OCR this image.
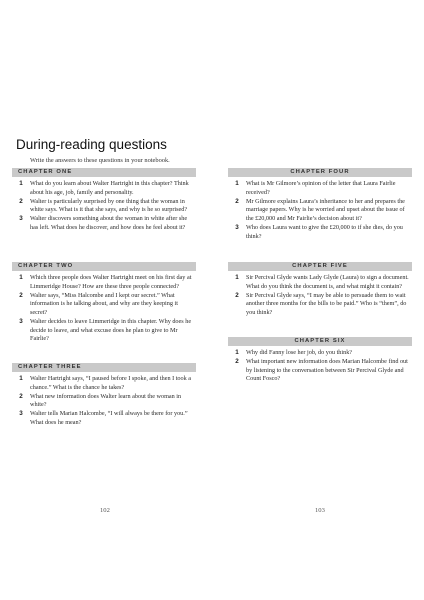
During-reading questions
Write the answers to these questions in your notebook.
CHAPTER ONE
1	What do you learn about Walter Hartright in this chapter? Think about his age, job, family and personality.
2	Walter is particularly surprised by one thing that the woman in white says. What is it that she says, and why is he so surprised?
3	Walter discovers something about the woman in white after she has left. What does he discover, and how does he feel about it?
CHAPTER TWO
1	Which three people does Walter Hartright meet on his first day at Limmeridge House? How are these three people connected?
2	Walter says, “Miss Halcombe and I kept our secret.” What information is he talking about, and why are they keeping it secret?
3	Walter decides to leave Limmeridge in this chapter. Why does he decide to leave, and what excuse does he plan to give to Mr Fairlie?
CHAPTER THREE
1	Walter Hartright says, “I paused before I spoke, and then I took a chance.” What is the chance he takes?
2	What new information does Walter learn about the woman in white?
3	Walter tells Marian Halcombe, “I will always be there for you.” What does he mean?
CHAPTER FOUR
1	What is Mr Gilmore’s opinion of the letter that Laura Fairlie received?
2	Mr Gilmore explains Laura’s inheritance to her and prepares the marriage papers. Why is he worried and upset about the issue of the £20,000 and Mr Fairlie’s decision about it?
3	Who does Laura want to give the £20,000 to if she dies, do you think?
CHAPTER FIVE
1	Sir Percival Glyde wants Lady Glyde (Laura) to sign a document. What do you think the document is, and what might it contain?
2	Sir Percival Glyde says, “I may be able to persuade them to wait another three months for the bills to be paid.” Who is “them”, do you think?
CHAPTER SIX
1	Why did Fanny lose her job, do you think?
2	What important new information does Marian Halcombe find out by listening to the conversation between Sir Percival Glyde and Count Fosco?
102	103
